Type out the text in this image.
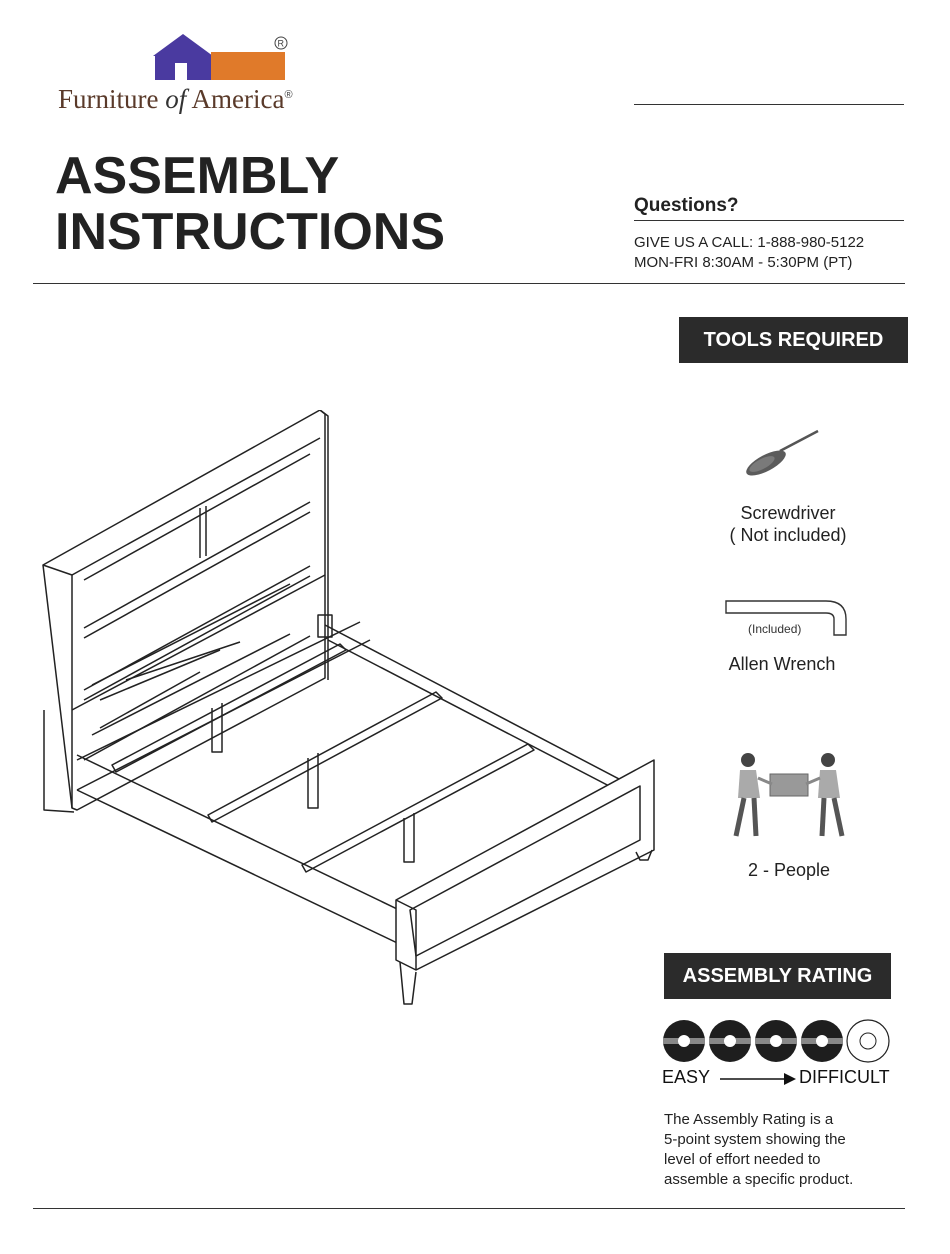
R
Furniture of America®
ASSEMBLY
INSTRUCTIONS	Questions?
GIVE US A CALL: 1-888-980-5122
MON-FRI 8:30AM - 5:30PM (PT)
TOOLS REQUIRED
Screwdriver
( Not included)
(Included)
Allen Wrench
2 - People
ASSEMBLY RATING
EASY	DIFFICULT
The Assembly Rating is a
5-point system showing the
level of effort needed to
assemble a specific product.
